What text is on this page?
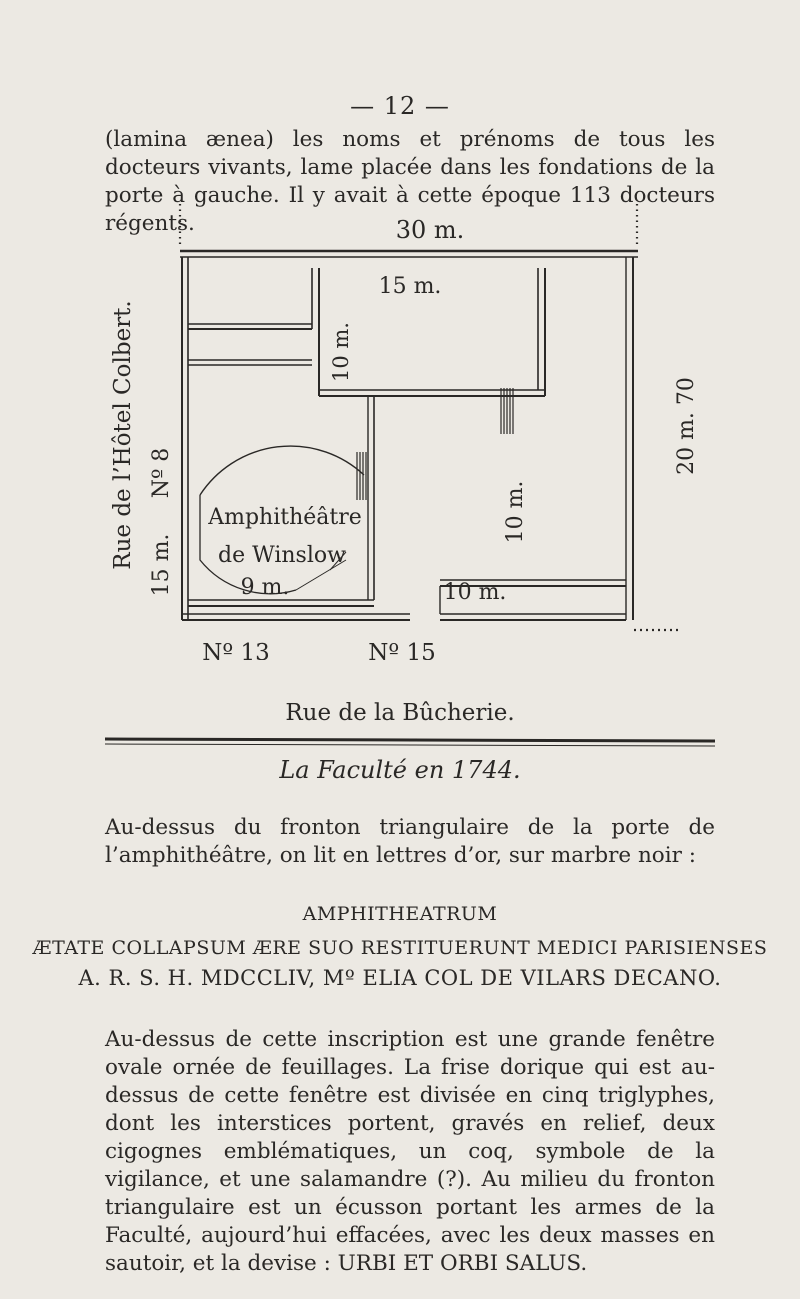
— 12 —
(lamina ænea) les noms et prénoms de tous les docteurs vivants, lame placée dans les fondations de la porte à gauche. Il y avait à cette époque 113 docteurs régents.	30 m.
15 m.
10 m.
20 m. 70
10 m.
Amphithéâtre
de Winslow
9 m.	10 m.
Nº 13	Nº 15
Rue de l’Hôtel Colbert. 15 m.
Nº 8
Rue de la Bûcherie.
La Faculté en 1744.
Au-dessus du fronton triangulaire de la porte de l’amphithéâtre, on lit en lettres d’or, sur marbre noir :
AMPHITHEATRUM
ÆTATE COLLAPSUM ÆRE SUO RESTITUERUNT MEDICI PARISIENSES
A. R. S. H. MDCCLIV, Mº ELIA COL DE VILARS DECANO.
Au-dessus de cette inscription est une grande fenêtre ovale ornée de feuillages. La frise dorique qui est au-dessus de cette fenêtre est divisée en cinq triglyphes, dont les interstices portent, gravés en relief, deux cigognes emblématiques, un coq, symbole de la vigilance, et une salamandre (?). Au milieu du fronton triangulaire est un écusson portant les armes de la Faculté, aujourd’hui effacées, avec les deux masses en sautoir, et la devise : URBI ET ORBI SALUS.
